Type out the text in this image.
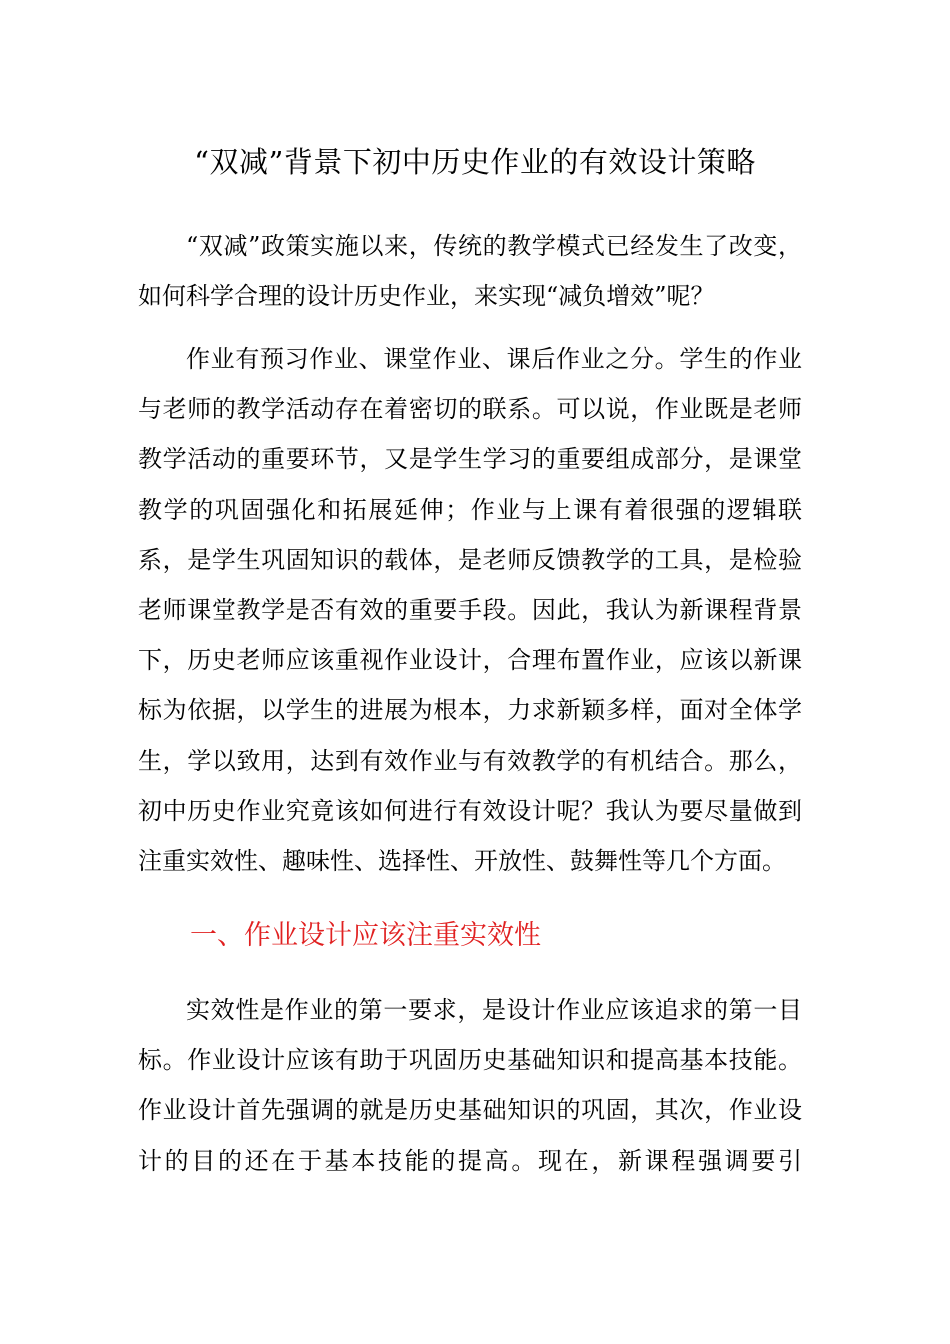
“双减”背景下初中历史作业的有效设计策略

“双减”政策实施以来，传统的教学模式已经发生了改变，如何科学合理的设计历史作业，来实现“减负增效”呢？

作业有预习作业、课堂作业、课后作业之分。学生的作业与老师的教学活动存在着密切的联系。可以说，作业既是老师教学活动的重要环节，又是学生学习的重要组成部分，是课堂教学的巩固强化和拓展延伸；作业与上课有着很强的逻辑联系，是学生巩固知识的载体，是老师反馈教学的工具，是检验老师课堂教学是否有效的重要手段。因此，我认为新课程背景下，历史老师应该重视作业设计，合理布置作业，应该以新课标为依据，以学生的进展为根本，力求新颖多样，面对全体学生，学以致用，达到有效作业与有效教学的有机结合。那么，初中历史作业究竟该如何进行有效设计呢？我认为要尽量做到注重实效性、趣味性、选择性、开放性、鼓舞性等几个方面。

一、作业设计应该注重实效性

实效性是作业的第一要求，是设计作业应该追求的第一目标。作业设计应该有助于巩固历史基础知识和提高基本技能。作业设计首先强调的就是历史基础知识的巩固，其次，作业设计的目的还在于基本技能的提高。现在，新课程强调要引
